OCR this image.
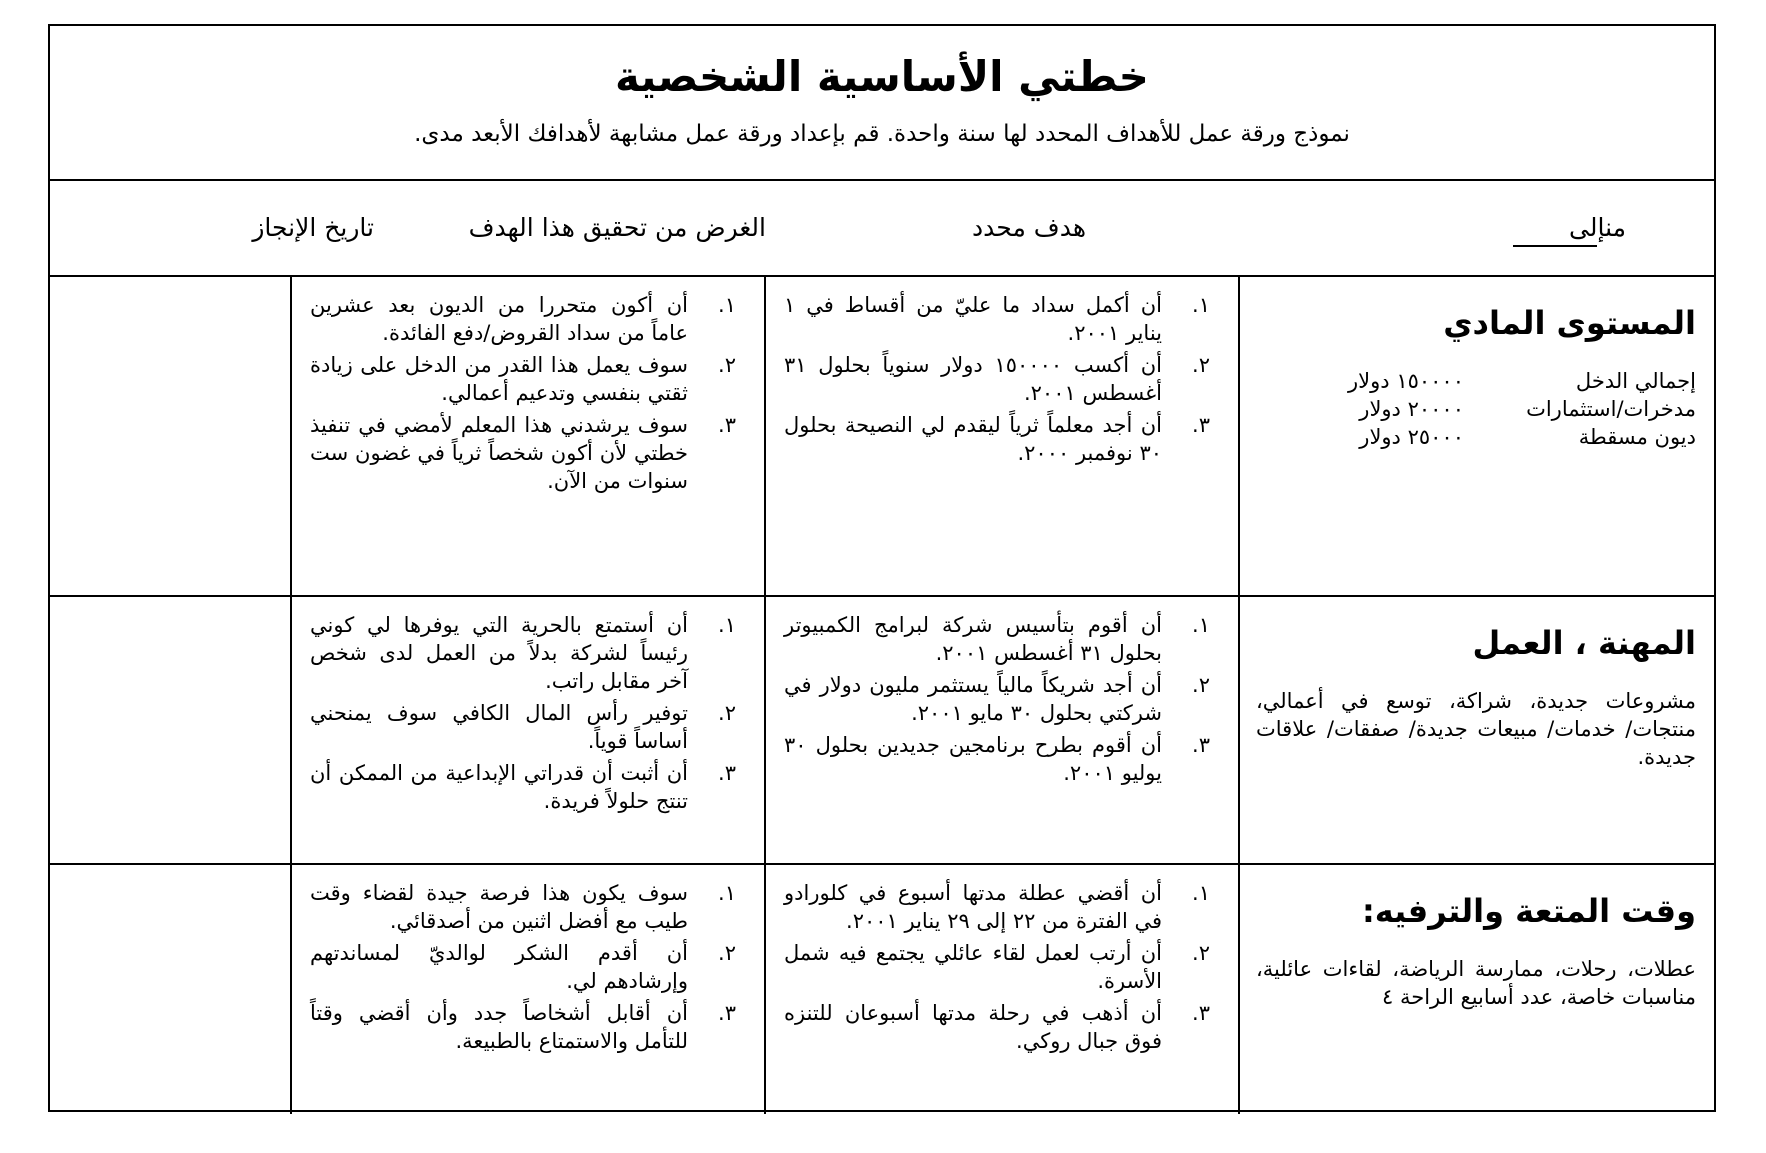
خطتي الأساسية الشخصية
نموذج ورقة عمل للأهداف المحدد لها سنة واحدة. قم بإعداد ورقة عمل مشابهة لأهدافك الأبعد مدى.
من
إلى
هدف محدد
الغرض من تحقيق هذا الهدف
تاريخ الإنجاز
المستوى المادي
إجمالي الدخل
١٥٠٠٠٠ دولار
مدخرات/استثمارات
٢٠٠٠٠ دولار
ديون مسقطة
٢٥٠٠٠ دولار
١.
أن أكمل سداد ما عليّ من أقساط في ١ يناير ٢٠٠١.
٢.
أن أكسب ١٥٠٠٠٠ دولار سنوياً بحلول ٣١ أغسطس ٢٠٠١.
٣.
أن أجد معلماً ثرياً ليقدم لي النصيحة بحلول ٣٠ نوفمبر ٢٠٠٠.
١.
أن أكون متحررا من الديون بعد عشرين عاماً من سداد القروض/دفع الفائدة.
٢.
سوف يعمل هذا القدر من الدخل على زيادة ثقتي بنفسي وتدعيم أعمالي.
٣.
سوف يرشدني هذا المعلم لأمضي في تنفيذ خطتي لأن أكون شخصاً ثرياً في غضون ست سنوات من الآن.
المهنة ، العمل

مشروعات جديدة، شراكة، توسع في أعمالي، منتجات/ خدمات/ مبيعات جديدة/ صفقات/ علاقات جديدة.

١.
أن أقوم بتأسيس شركة لبرامج الكمبيوتر بحلول ٣١ أغسطس ٢٠٠١.
٢.
أن أجد شريكاً مالياً يستثمر مليون دولار في شركتي بحلول ٣٠ مايو ٢٠٠١.
٣.
أن أقوم بطرح برنامجين جديدين بحلول ٣٠ يوليو ٢٠٠١.
١.
أن أستمتع بالحرية التي يوفرها لي كوني رئيساً لشركة بدلاً من العمل لدى شخص آخر مقابل راتب.
٢.
توفير رأس المال الكافي سوف يمنحني أساساً قوياً.
٣.
أن أثبت أن قدراتي الإبداعية من الممكن أن تنتج حلولاً فريدة.
وقت المتعة والترفيه:

عطلات، رحلات، ممارسة الرياضة، لقاءات عائلية، مناسبات خاصة، عدد أسابيع الراحة ٤

١.
أن أقضي عطلة مدتها أسبوع في كلورادو في الفترة من ٢٢ إلى ٢٩ يناير ٢٠٠١.
٢.
أن أرتب لعمل لقاء عائلي يجتمع فيه شمل الأسرة.
٣.
أن أذهب في رحلة مدتها أسبوعان للتنزه فوق جبال روكي.
١.
سوف يكون هذا فرصة جيدة لقضاء وقت طيب مع أفضل اثنين من أصدقائي.
٢.
أن أقدم الشكر لوالديّ لمساندتهم وإرشادهم لي.
٣.
أن أقابل أشخاصاً جدد وأن أقضي وقتاً للتأمل والاستمتاع بالطبيعة.
